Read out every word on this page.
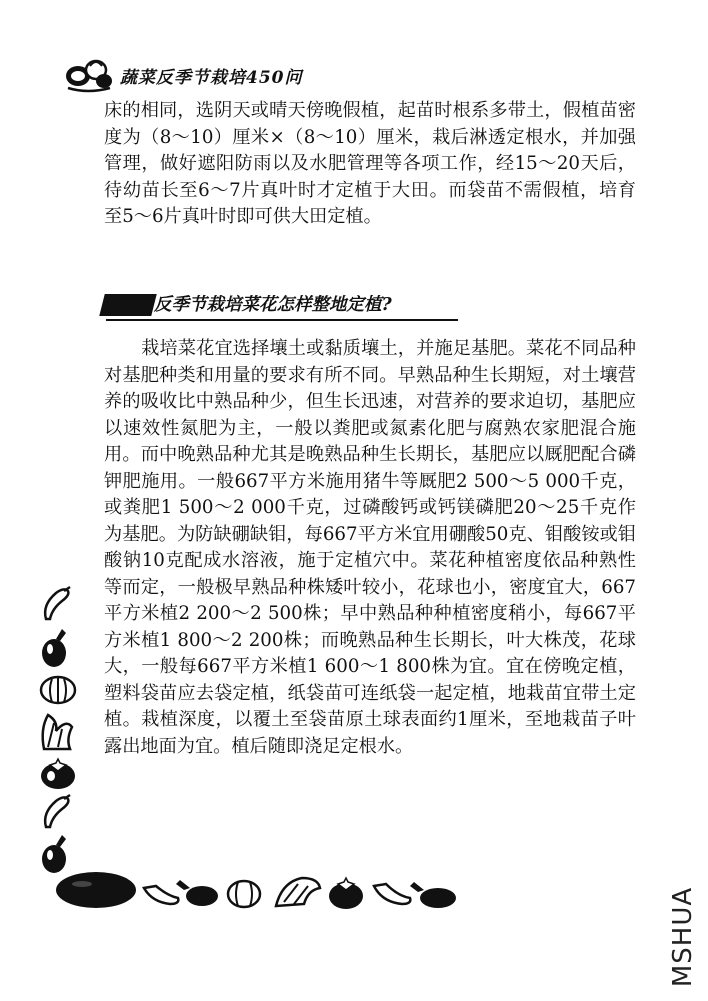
蔬菜反季节栽培450问
床的相同，选阴天或晴天傍晚假植，起苗时根系多带土，假植苗密度为（8～10）厘米×（8～10）厘米，栽后淋透定根水，并加强管理，做好遮阳防雨以及水肥管理等各项工作，经15～20天后，待幼苗长至6～7片真叶时才定植于大田。而袋苗不需假植，培育至5～6片真叶时即可供大田定植。
反季节栽培菜花怎样整地定植?
栽培菜花宜选择壤土或黏质壤土，并施足基肥。菜花不同品种对基肥种类和用量的要求有所不同。早熟品种生长期短，对土壤营养的吸收比中熟品种少，但生长迅速，对营养的要求迫切，基肥应以速效性氮肥为主，一般以粪肥或氮素化肥与腐熟农家肥混合施用。而中晚熟品种尤其是晚熟品种生长期长，基肥应以厩肥配合磷钾肥施用。一般667平方米施用猪牛等厩肥2 500～5 000千克，或粪肥1 500～2 000千克，过磷酸钙或钙镁磷肥20～25千克作为基肥。为防缺硼缺钼，每667平方米宜用硼酸50克、钼酸铵或钼酸钠10克配成水溶液，施于定植穴中。菜花种植密度依品种熟性等而定，一般极早熟品种株矮叶较小，花球也小，密度宜大，667平方米植2 200～2 500株；早中熟品种种植密度稍小，每667平方米植1 800～2 200株；而晚熟品种生长期长，叶大株茂，花球大，一般每667平方米植1 600～1 800株为宜。宜在傍晚定植，塑料袋苗应去袋定植，纸袋苗可连纸袋一起定植，地栽苗宜带土定植。栽植深度，以覆土至袋苗原土球表面约1厘米，至地栽苗子叶露出地面为宜。植后随即浇足定根水。
MSHUA
